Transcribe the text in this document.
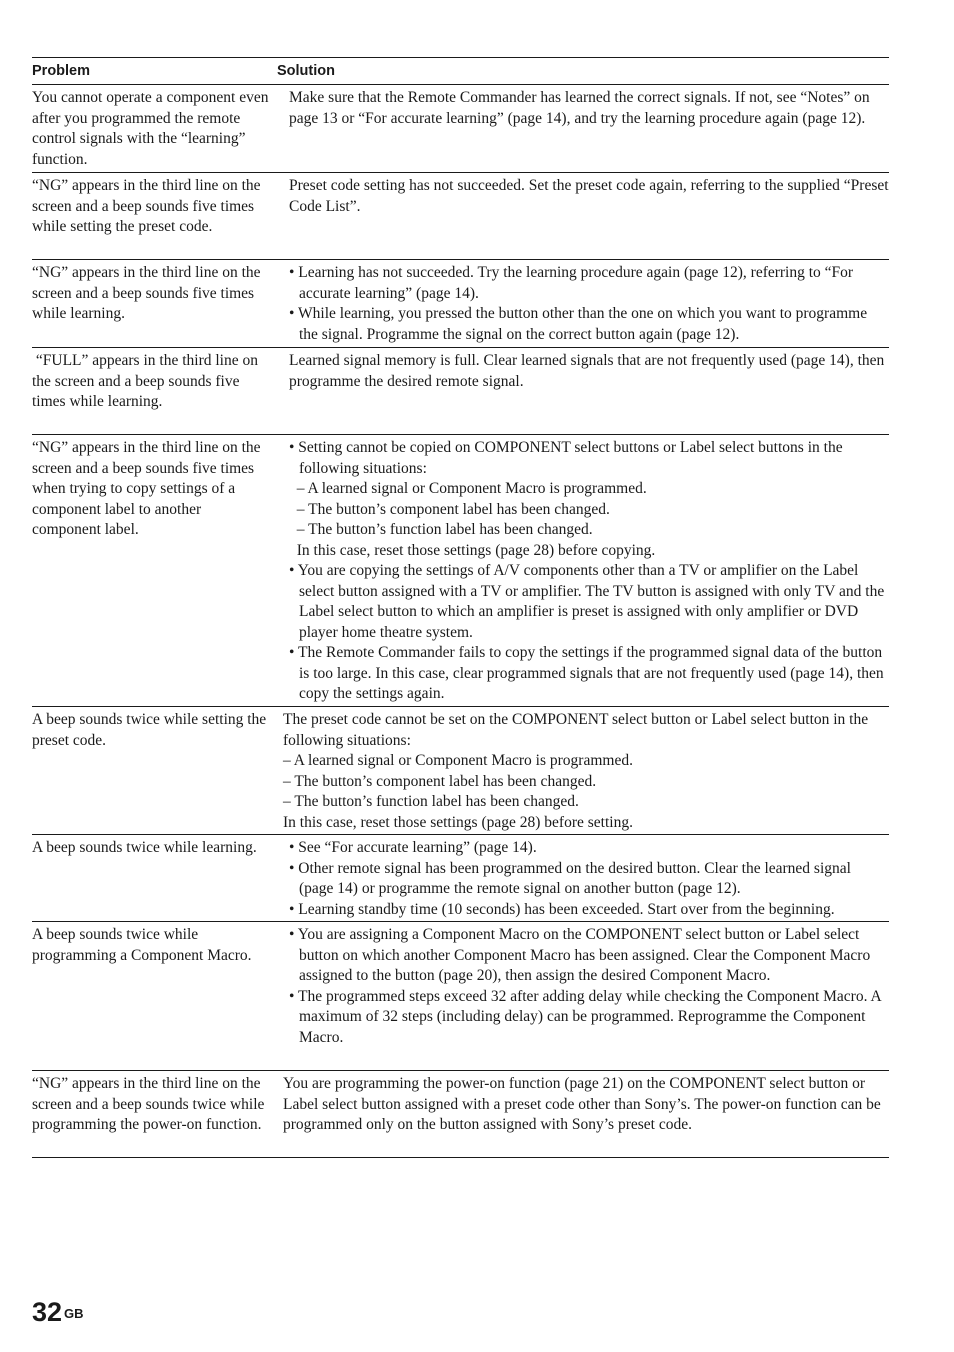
Problem	Solution
You cannot operate a component even after you programmed the remote control signals with the “learning” function.
Make sure that the Remote Commander has learned the correct signals. If not, see “Notes” on page 13 or “For accurate learning” (page 14), and try the learning procedure again (page 12).
“NG” appears in the third line on the screen and a beep sounds five times while setting the preset code.
Preset code setting has not succeeded. Set the preset code again, referring to the supplied “Preset Code List”.
“NG” appears in the third line on the screen and a beep sounds five times while learning.
• Learning has not succeeded. Try the learning procedure again (page 12), referring to “For accurate learning” (page 14).
• While learning, you pressed the button other than the one on which you want to programme the signal. Programme the signal on the correct button again (page 12).
“FULL” appears in the third line on the screen and a beep sounds five times while learning.
Learned signal memory is full. Clear learned signals that are not frequently used (page 14), then programme the desired remote signal.
“NG” appears in the third line on the screen and a beep sounds five times when trying to copy settings of a component label to another component label.
• Setting cannot be copied on COMPONENT select buttons or Label select buttons in the following situations:
– A learned signal or Component Macro is programmed.
– The button’s component label has been changed.
– The button’s function label has been changed.
In this case, reset those settings (page 28) before copying.
• You are copying the settings of A/V components other than a TV or amplifier on the Label select button assigned with a TV or amplifier. The TV button is assigned with only TV and the Label select button to which an amplifier is preset is assigned with only amplifier or DVD player home theatre system.
• The Remote Commander fails to copy the settings if the programmed signal data of the button is too large. In this case, clear programmed signals that are not frequently used (page 14), then copy the settings again.
A beep sounds twice while setting the preset code.
The preset code cannot be set on the COMPONENT select button or Label select button in the following situations:
– A learned signal or Component Macro is programmed.
– The button’s component label has been changed.
– The button’s function label has been changed.
In this case, reset those settings (page 28) before setting.
A beep sounds twice while learning.	• See “For accurate learning” (page 14).
• Other remote signal has been programmed on the desired button. Clear the learned signal (page 14) or programme the remote signal on another button (page 12).
• Learning standby time (10 seconds) has been exceeded. Start over from the beginning.
A beep sounds twice while programming a Component Macro.
• You are assigning a Component Macro on the COMPONENT select button or Label select button on which another Component Macro has been assigned. Clear the Component Macro assigned to the button (page 20), then assign the desired Component Macro.
• The programmed steps exceed 32 after adding delay while checking the Component Macro. A maximum of 32 steps (including delay) can be programmed. Reprogramme the Component Macro.
“NG” appears in the third line on the screen and a beep sounds twice while programming the power-on function.
You are programming the power-on function (page 21) on the COMPONENT select button or Label select button assigned with a preset code other than Sony’s. The power-on function can be programmed only on the button assigned with Sony’s preset code.
32 $^{GB}$
